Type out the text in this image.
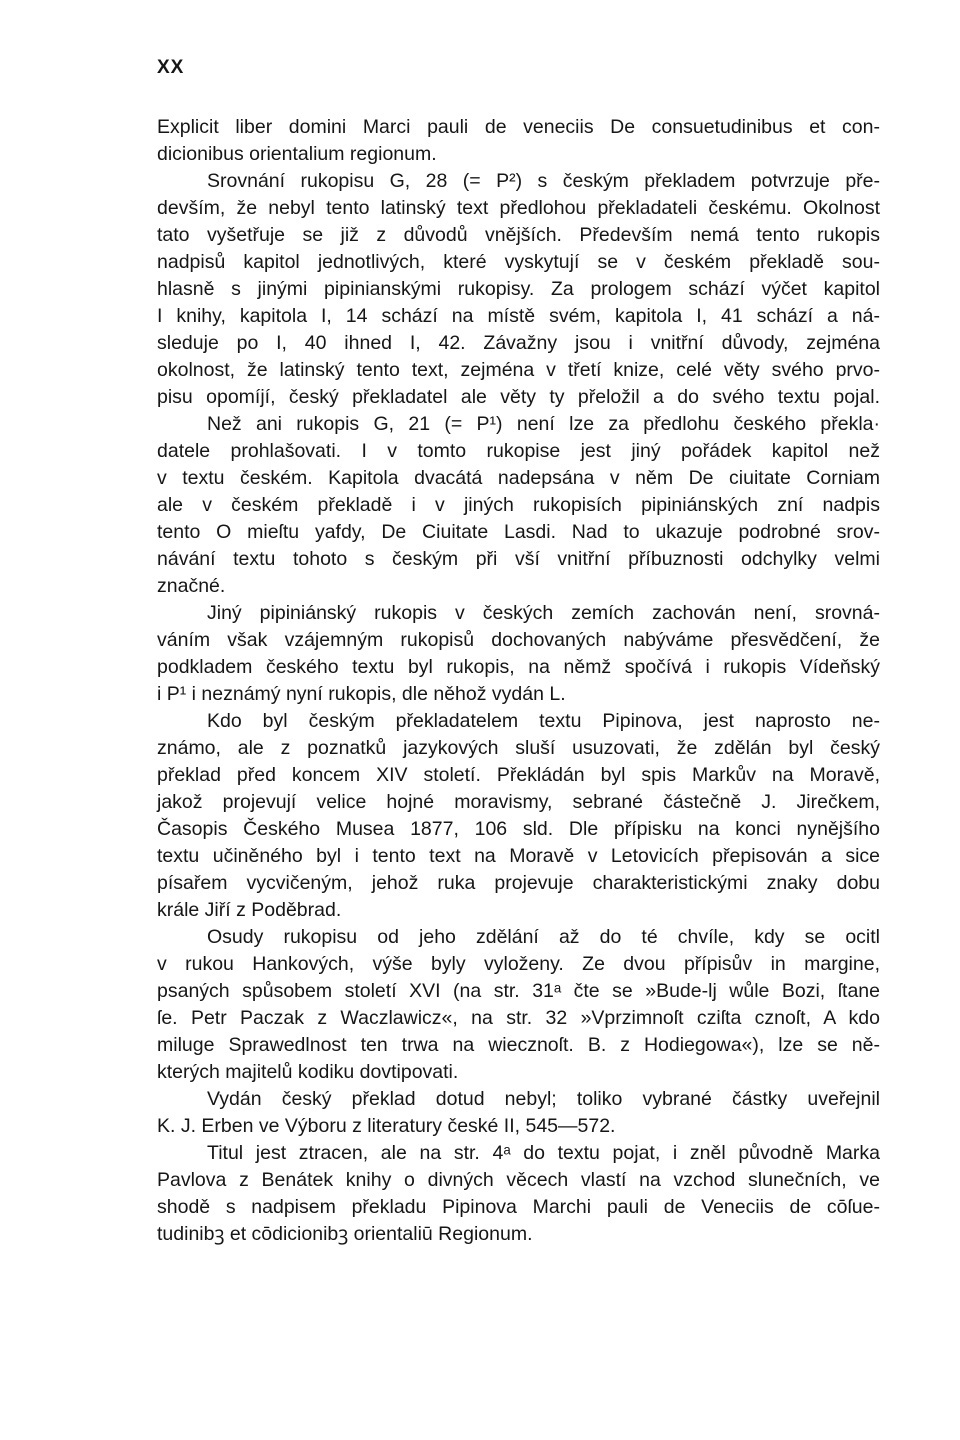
XX
Explicit liber domini Marci pauli de veneciis De consuetudinibus et con-
dicionibus orientalium regionum.
Srovnání rukopisu G, 28 (= P²) s českým překladem potvrzuje pře-
devším, že nebyl tento latinský text předlohou překladateli českému. Okolnost
tato vyšetřuje se již z důvodů vnějších. Především nemá tento rukopis
nadpisů kapitol jednotlivých, které vyskytují se v českém překladě sou-
hlasně s jinými pipinianskými rukopisy. Za prologem schází výčet kapitol
I knihy, kapitola I, 14 schází na místě svém, kapitola I, 41 schází a ná-
sleduje po I, 40 ihned I, 42. Závažny jsou i vnitřní důvody, zejména
okolnost, že latinský tento text, zejména v třetí knize, celé věty svého prvo-
pisu opomíjí, český překladatel ale věty ty přeložil a do svého textu pojal.
Než ani rukopis G, 21 (= P¹) není lze za předlohu českého překla·
datele prohlašovati. I v tomto rukopise jest jiný pořádek kapitol než
v textu českém. Kapitola dvacátá nadepsána v něm De ciuitate Corniam
ale v českém překladě i v jiných rukopisích pipiniánských zní nadpis
tento O mieſtu yafdy, De Ciuitate Lasdi. Nad to ukazuje podrobné srov-
návání textu tohoto s českým při vší vnitřní příbuznosti odchylky velmi
značné.
Jiný pipiniánský rukopis v českých zemích zachován není, srovná-
váním však vzájemným rukopisů dochovaných nabýváme přesvědčení, že
podkladem českého textu byl rukopis, na němž spočívá i rukopis Vídeňský
i P¹ i neznámý nyní rukopis, dle něhož vydán L.
Kdo byl českým překladatelem textu Pipinova, jest naprosto ne-
známo, ale z poznatků jazykových sluší usuzovati, že zdělán byl český
překlad před koncem XIV století. Překládán byl spis Markův na Moravě,
jakož projevují velice hojné moravismy, sebrané částečně J. Jirečkem,
Časopis Českého Musea 1877, 106 sld. Dle přípisku na konci nynějšího
textu učiněného byl i tento text na Moravě v Letovicích přepisován a sice
písařem vycvičeným, jehož ruka projevuje charakteristickými znaky dobu
krále Jiří z Poděbrad.
Osudy rukopisu od jeho zdělání až do té chvíle, kdy se ocitl
v rukou Hankových, výše byly vyloženy. Ze dvou přípisův in margine,
psaných spůsobem století XVI (na str. 31ᵃ čte se »Bude-lj wůle Bozi, ſtane
ſe. Petr Paczak z Waczlawicz«, na str. 32 »Vprzimnoſt cziſta cznoſt, A kdo
miluge Sprawedlnost ten trwa na wiecznoſt. B. z Hodiegowa«), lze se ně-
kterých majitelů kodiku dovtipovati.
Vydán český překlad dotud nebyl; toliko vybrané částky uveřejnil
K. J. Erben ve Výboru z literatury české II, 545—572.
Titul jest ztracen, ale na str. 4ᵃ do textu pojat, i zněl původně Marka
Pavlova z Benátek knihy o divných věcech vlastí na vzchod slunečních, ve
shodě s nadpisem překladu Pipinova Marchi pauli de Veneciis de cōſue-
tudinibꝫ et cōdicionibꝫ orientaliū Regionum.
